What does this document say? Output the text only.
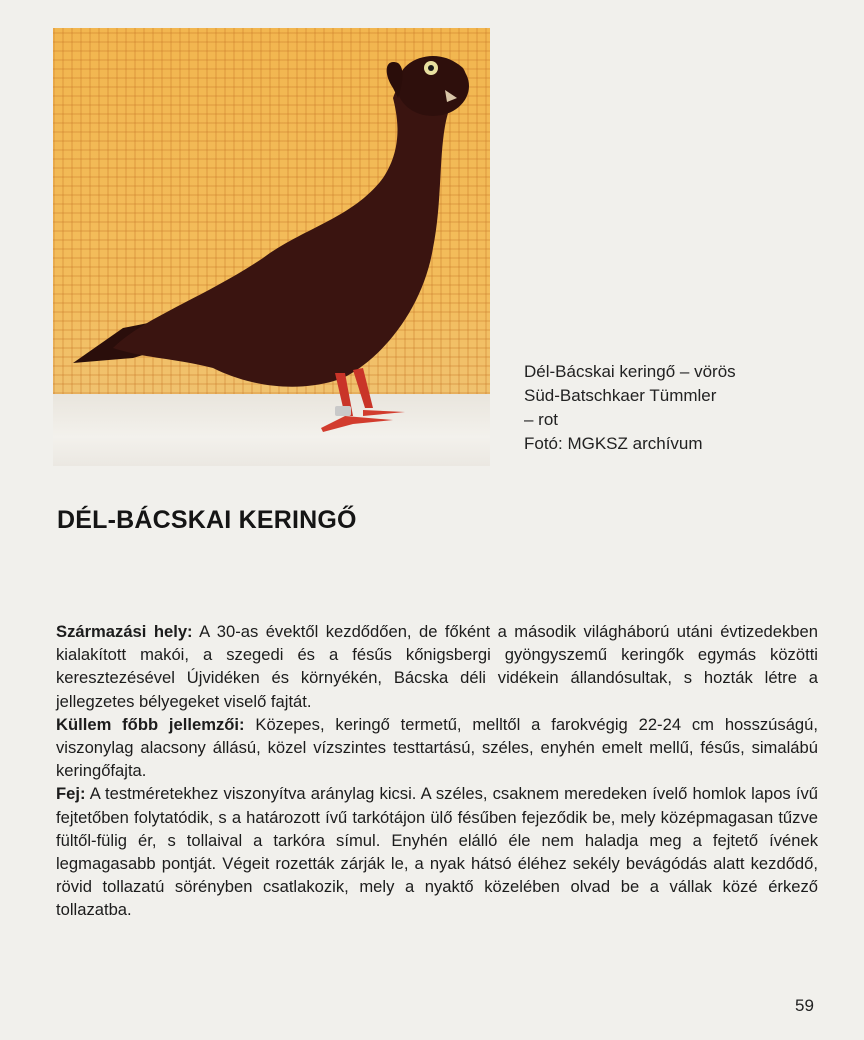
Dél-Bácskai keringő – vörös
Süd-Batschkaer Tümmler
– rot
Fotó: MGKSZ archívum
DÉL-BÁCSKAI KERINGŐ

Származási hely: A 30-as évektől kezdődően, de főként a második világháború utáni évtizedekben kialakított makói, a szegedi és a fésűs kőnigsbergi gyöngyszemű keringők egymás közötti keresztezésével Újvidéken és környékén, Bácska déli vidékein állandósultak, s hozták létre a jellegzetes bélyegeket viselő fajtát.

Küllem főbb jellemzői: Közepes, keringő termetű, melltől a farokvégig 22-24 cm hosszúságú, viszonylag alacsony állású, közel vízszintes testtartású, széles, enyhén emelt mellű, fésűs, simalábú keringőfajta.

Fej: A testméretekhez viszonyítva aránylag kicsi. A széles, csaknem meredeken ívelő homlok lapos ívű fejtetőben folytatódik, s a határozott ívű tarkótájon ülő fésűben fejeződik be, mely középmagasan tűzve fültől-fülig ér, s tollaival a tarkóra símul. Enyhén elálló éle nem haladja meg a fejtető ívének legmagasabb pontját. Végeit rozetták zárják le, a nyak hátsó éléhez sekély bevágódás alatt kezdődő, rövid tollazatú sörényben csatlakozik, mely a nyaktő közelében olvad be a vállak közé érkező tollazatba.

59
